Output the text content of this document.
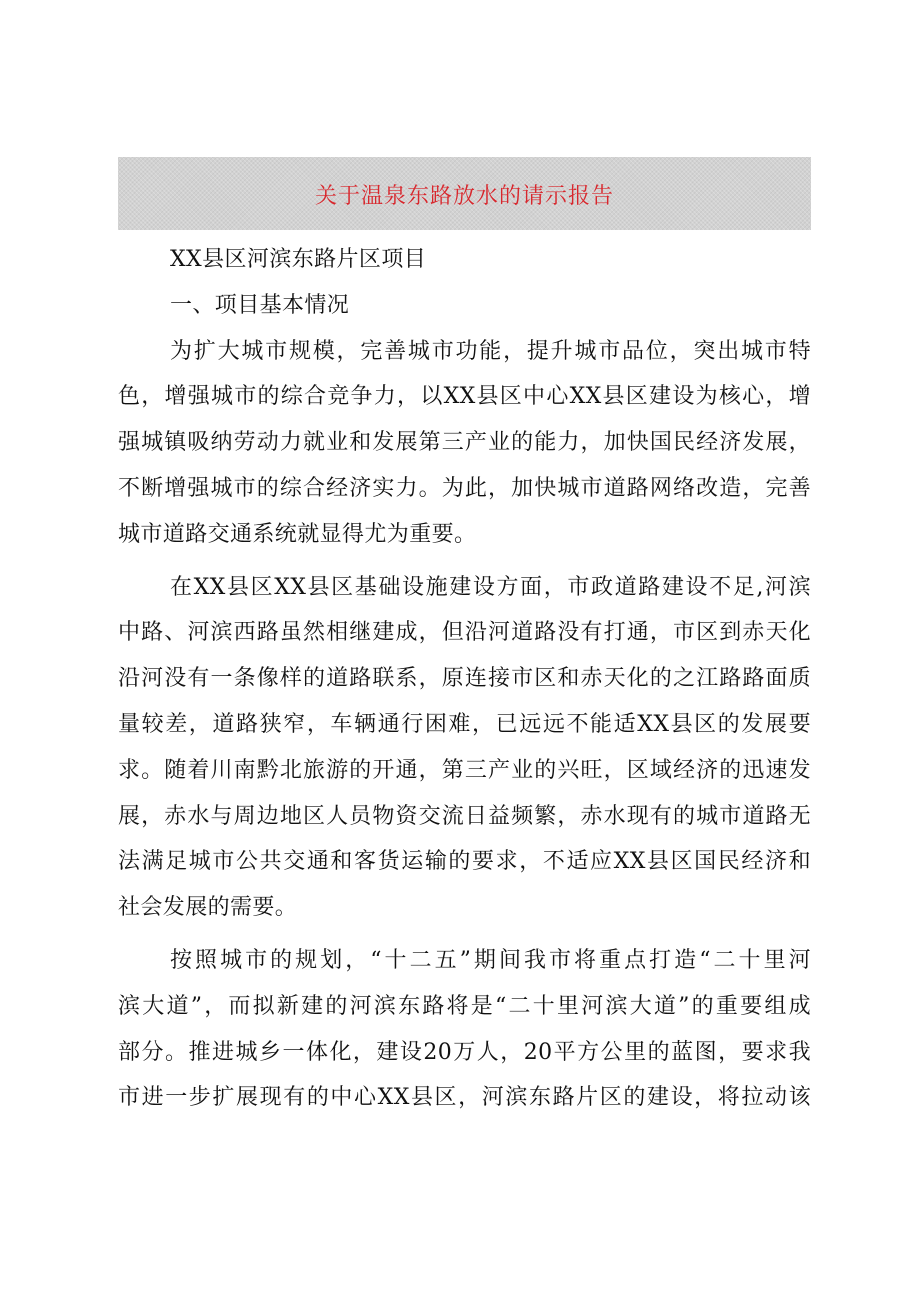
关于温泉东路放水的请示报告
XX县区河滨东路片区项目
一、项目基本情况
为扩大城市规模，完善城市功能，提升城市品位，突出城市特
色，增强城市的综合竞争力，以XX县区中心XX县区建设为核心，增
强城镇吸纳劳动力就业和发展第三产业的能力，加快国民经济发展，
不断增强城市的综合经济实力。为此，加快城市道路网络改造，完善
城市道路交通系统就显得尤为重要。
在XX县区XX县区基础设施建设方面，市政道路建设不足,河滨
中路、河滨西路虽然相继建成，但沿河道路没有打通，市区到赤天化
沿河没有一条像样的道路联系，原连接市区和赤天化的之江路路面质
量较差，道路狭窄，车辆通行困难，已远远不能适XX县区的发展要
求。随着川南黔北旅游的开通，第三产业的兴旺，区域经济的迅速发
展，赤水与周边地区人员物资交流日益频繁，赤水现有的城市道路无
法满足城市公共交通和客货运输的要求，不适应XX县区国民经济和
社会发展的需要。
按照城市的规划，“十二五”期间我市将重点打造“二十里河
滨大道”，而拟新建的河滨东路将是“二十里河滨大道”的重要组成
部分。推进城乡一体化，建设20万人，20平方公里的蓝图，要求我
市进一步扩展现有的中心XX县区，河滨东路片区的建设，将拉动该
